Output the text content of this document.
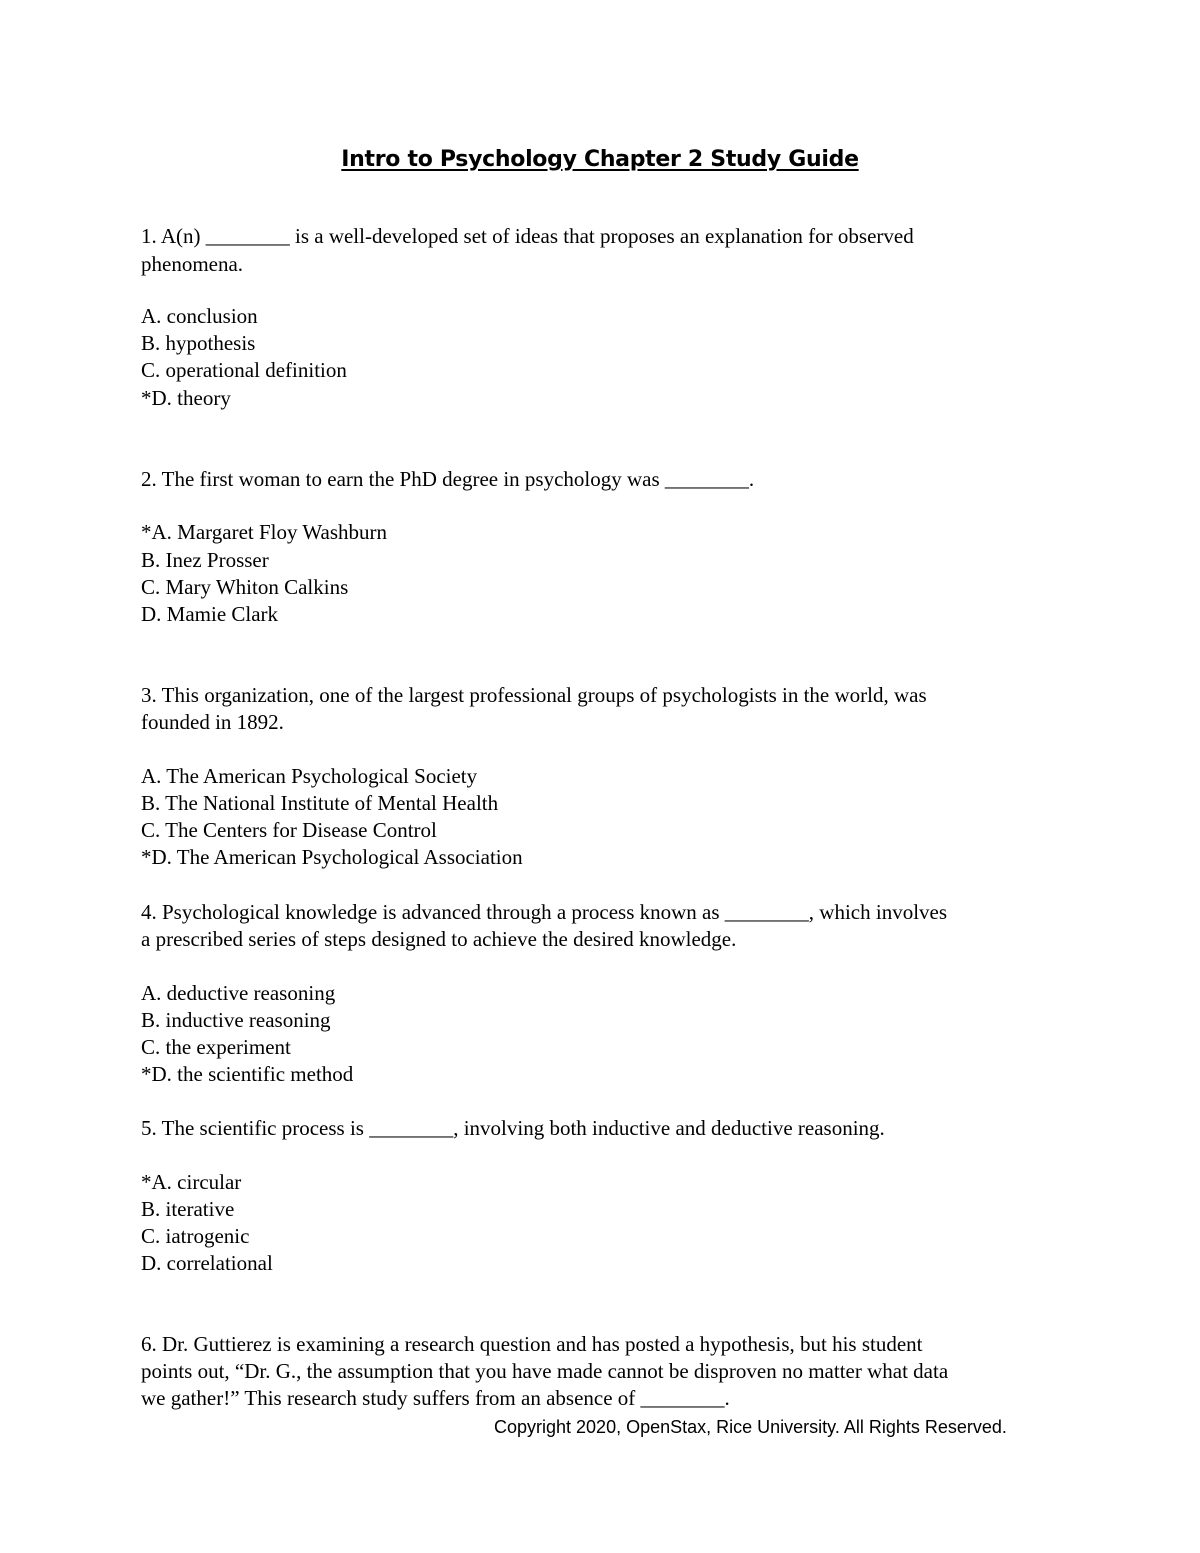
Intro to Psychology Chapter 2 Study Guide
1. A(n) ________ is a well-developed set of ideas that proposes an explanation for observed
phenomena.
A. conclusion
B. hypothesis
C. operational definition
*D. theory
2. The first woman to earn the PhD degree in psychology was ________.
*A. Margaret Floy Washburn
B. Inez Prosser
C. Mary Whiton Calkins
D. Mamie Clark
3. This organization, one of the largest professional groups of psychologists in the world, was
founded in 1892.
A. The American Psychological Society
B. The National Institute of Mental Health
C. The Centers for Disease Control
*D. The American Psychological Association
4. Psychological knowledge is advanced through a process known as ________, which involves
a prescribed series of steps designed to achieve the desired knowledge.
A. deductive reasoning
B. inductive reasoning
C. the experiment
*D. the scientific method
5. The scientific process is ________, involving both inductive and deductive reasoning.
*A. circular
B. iterative
C. iatrogenic
D. correlational
6. Dr. Guttierez is examining a research question and has posted a hypothesis, but his student
points out, “Dr. G., the assumption that you have made cannot be disproven no matter what data
we gather!” This research study suffers from an absence of ________.
Copyright 2020, OpenStax, Rice University. All Rights Reserved.
